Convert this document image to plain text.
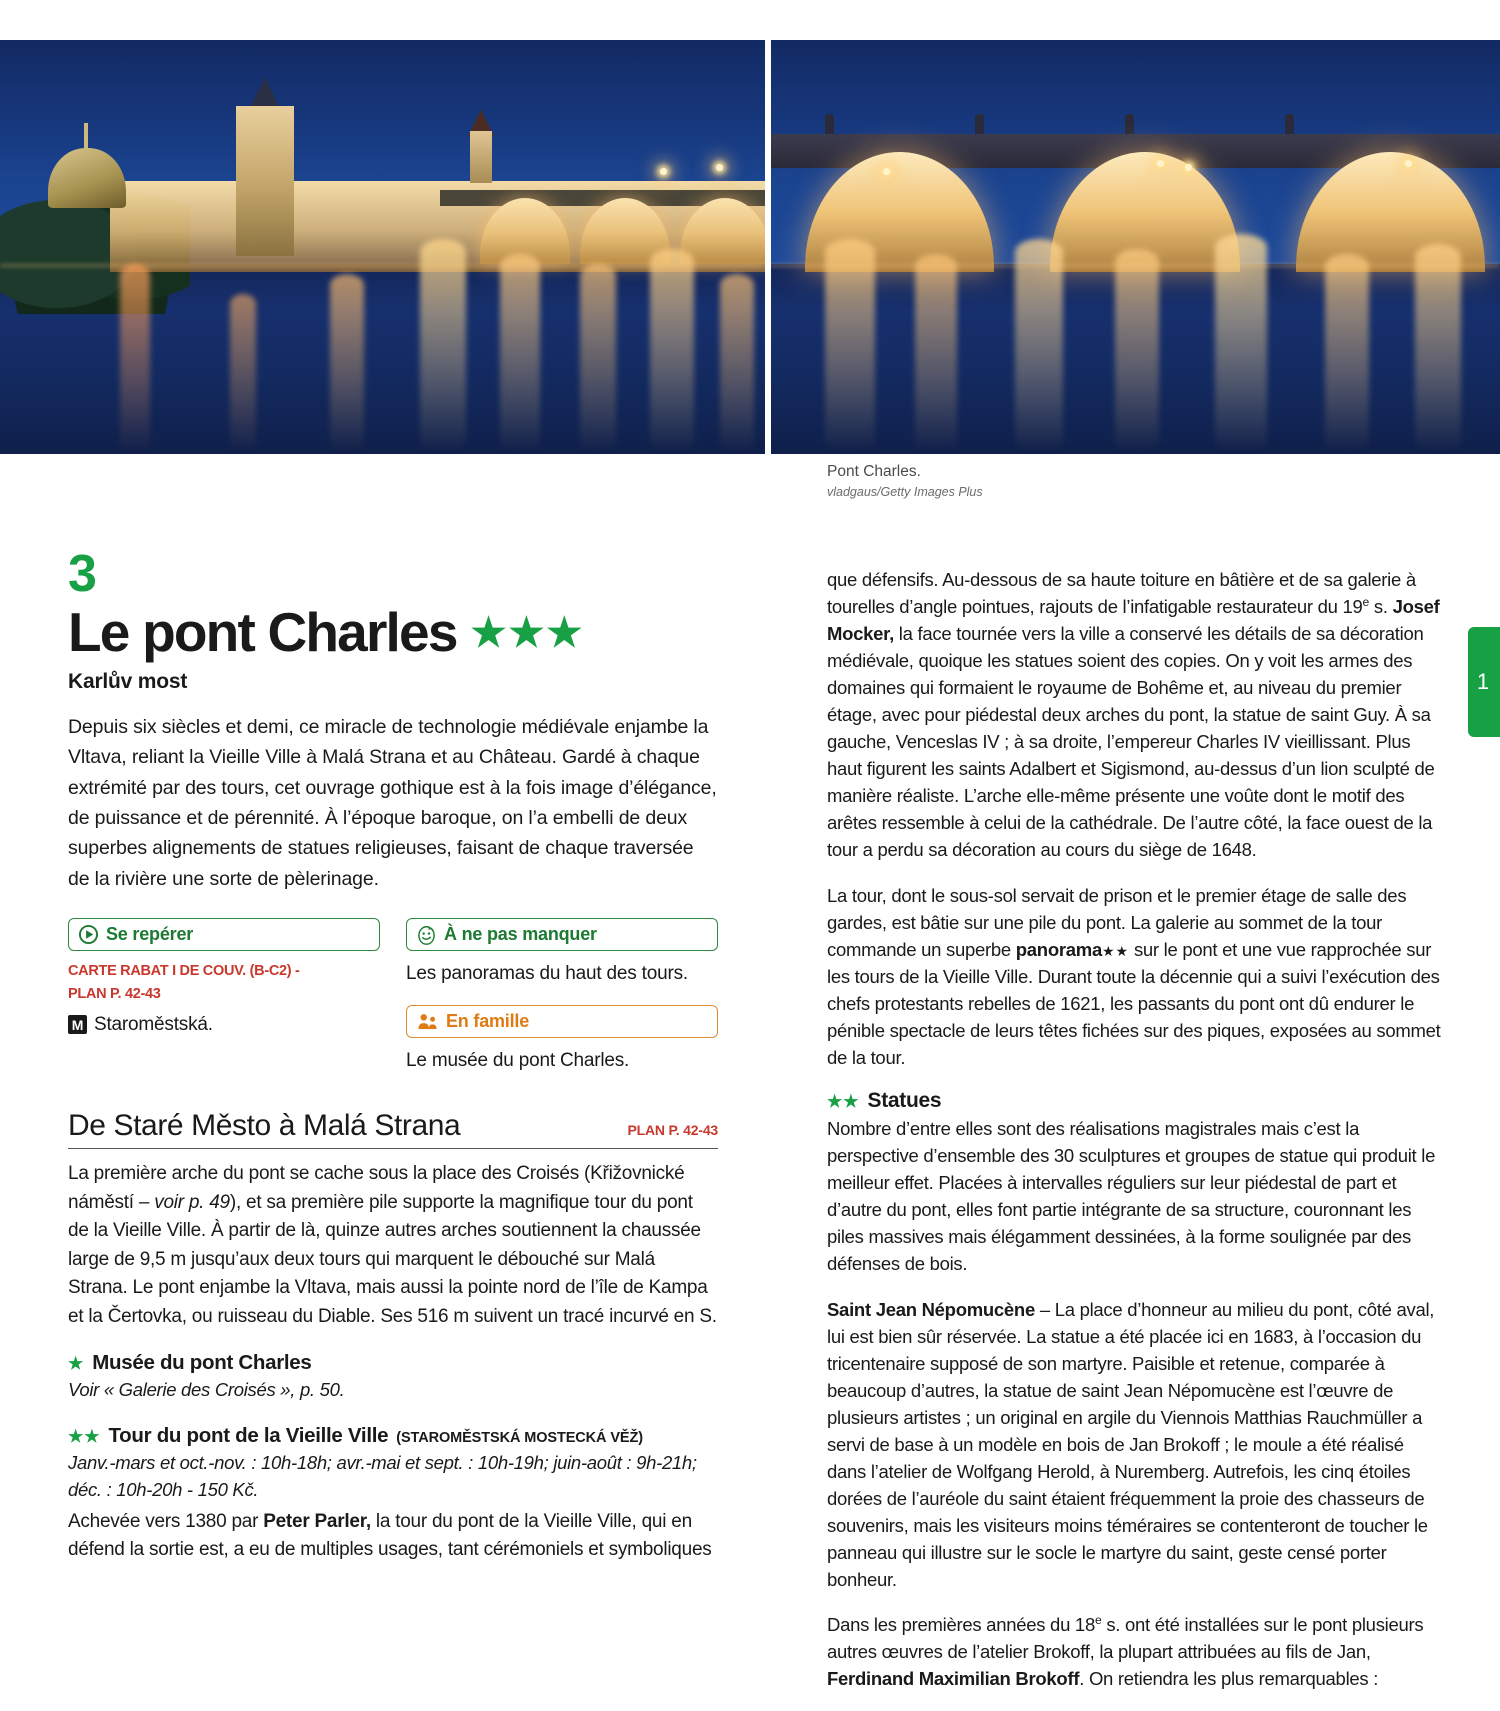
Pont Charles.
vladgaus/Getty Images Plus
1
3
Le pont Charles ★★★
Karlův most
Depuis six siècles et demi, ce miracle de technologie médiévale enjambe la Vltava, reliant la Vieille Ville à Malá Strana et au Château. Gardé à chaque extrémité par des tours, cet ouvrage gothique est à la fois image d’élégance, de puissance et de pérennité. À l’époque baroque, on l’a embelli de deux superbes alignements de statues religieuses, faisant de chaque traversée de la rivière une sorte de pèlerinage.
Se repérer
CARTE RABAT I DE COUV. (B-C2) -
PLAN P. 42-43
M Staroměstská.
À ne pas manquer
Les panoramas du haut des tours.
En famille
Le musée du pont Charles.
De Staré Město à Malá Strana	PLAN P. 42-43

La première arche du pont se cache sous la place des Croisés (Křižovnické náměstí – voir p. 49), et sa première pile supporte la magnifique tour du pont de la Vieille Ville. À partir de là, quinze autres arches soutiennent la chaussée large de 9,5 m jusqu’aux deux tours qui marquent le débouché sur Malá Strana. Le pont enjambe la Vltava, mais aussi la pointe nord de l’île de Kampa et la Čertovka, ou ruisseau du Diable. Ses 516 m suivent un tracé incurvé en S.

★ Musée du pont Charles
Voir « Galerie des Croisés », p. 50.
★★ Tour du pont de la Vieille Ville (STAROMĚSTSKÁ MOSTECKÁ VĚŽ)
Janv.-mars et oct.-nov. : 10h-18h; avr.-mai et sept. : 10h-19h; juin-août : 9h-21h; déc. : 10h-20h - 150 Kč.

Achevée vers 1380 par Peter Parler, la tour du pont de la Vieille Ville, qui en défend la sortie est, a eu de multiples usages, tant cérémoniels et symboliques

que défensifs. Au-dessous de sa haute toiture en bâtière et de sa galerie à tourelles d’angle pointues, rajouts de l’infatigable restaurateur du 19e s. Josef Mocker, la face tournée vers la ville a conservé les détails de sa décoration médiévale, quoique les statues soient des copies. On y voit les armes des domaines qui formaient le royaume de Bohême et, au niveau du premier étage, avec pour piédestal deux arches du pont, la statue de saint Guy. À sa gauche, Venceslas IV ; à sa droite, l’empereur Charles IV vieillissant. Plus haut figurent les saints Adalbert et Sigismond, au-dessus d’un lion sculpté de manière réaliste. L’arche elle-même présente une voûte dont le motif des arêtes ressemble à celui de la cathédrale. De l’autre côté, la face ouest de la tour a perdu sa décoration au cours du siège de 1648.

La tour, dont le sous-sol servait de prison et le premier étage de salle des gardes, est bâtie sur une pile du pont. La galerie au sommet de la tour commande un superbe panorama★★ sur le pont et une vue rapprochée sur les tours de la Vieille Ville. Durant toute la décennie qui a suivi l’exécution des chefs protestants rebelles de 1621, les passants du pont ont dû endurer le pénible spectacle de leurs têtes fichées sur des piques, exposées au sommet de la tour.

★★ Statues

Nombre d’entre elles sont des réalisations magistrales mais c’est la perspective d’ensemble des 30 sculptures et groupes de statue qui produit le meilleur effet. Placées à intervalles réguliers sur leur piédestal de part et d’autre du pont, elles font partie intégrante de sa structure, couronnant les piles massives mais élégamment dessinées, à la forme soulignée par des défenses de bois.

Saint Jean Népomucène – La place d’honneur au milieu du pont, côté aval, lui est bien sûr réservée. La statue a été placée ici en 1683, à l’occasion du tricentenaire supposé de son martyre. Paisible et retenue, comparée à beaucoup d’autres, la statue de saint Jean Népomucène est l’œuvre de plusieurs artistes ; un original en argile du Viennois Matthias Rauchmüller a servi de base à un modèle en bois de Jan Brokoff ; le moule a été réalisé dans l’atelier de Wolfgang Herold, à Nuremberg. Autrefois, les cinq étoiles dorées de l’auréole du saint étaient fréquemment la proie des chasseurs de souvenirs, mais les visiteurs moins téméraires se contenteront de toucher le panneau qui illustre sur le socle le martyre du saint, geste censé porter bonheur.

Dans les premières années du 18e s. ont été installées sur le pont plusieurs autres œuvres de l’atelier Brokoff, la plupart attribuées au fils de Jan, Ferdinand Maximilian Brokoff. On retiendra les plus remarquables :
